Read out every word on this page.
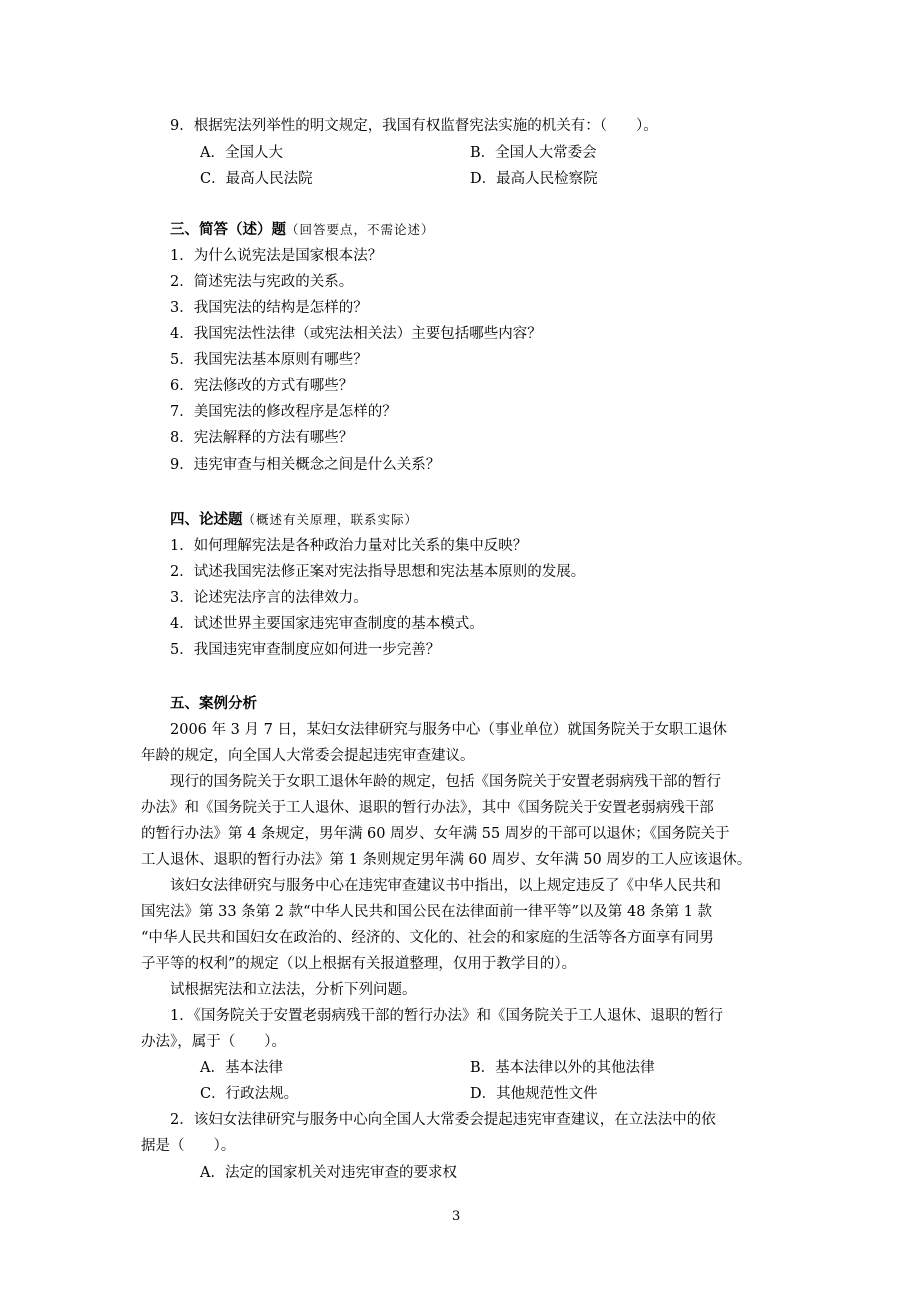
9．根据宪法列举性的明文规定，我国有权监督宪法实施的机关有：（　　）。
A．全国人大	B．全国人大常委会
C．最高人民法院	D．最高人民检察院
三、简答（述）题（回答要点，不需论述）
1．为什么说宪法是国家根本法？
2．简述宪法与宪政的关系。
3．我国宪法的结构是怎样的？
4．我国宪法性法律（或宪法相关法）主要包括哪些内容？
5．我国宪法基本原则有哪些？
6．宪法修改的方式有哪些？
7．美国宪法的修改程序是怎样的？
8．宪法解释的方法有哪些？
9．违宪审查与相关概念之间是什么关系？
四、论述题（概述有关原理，联系实际）
1．如何理解宪法是各种政治力量对比关系的集中反映？
2．试述我国宪法修正案对宪法指导思想和宪法基本原则的发展。
3．论述宪法序言的法律效力。
4．试述世界主要国家违宪审查制度的基本模式。
5．我国违宪审查制度应如何进一步完善？
五、案例分析
2006 年 3 月 7 日，某妇女法律研究与服务中心（事业单位）就国务院关于女职工退休
年龄的规定，向全国人大常委会提起违宪审查建议。
现行的国务院关于女职工退休年龄的规定，包括《国务院关于安置老弱病残干部的暂行
办法》和《国务院关于工人退休、退职的暂行办法》，其中《国务院关于安置老弱病残干部
的暂行办法》第 4 条规定，男年满 60 周岁、女年满 55 周岁的干部可以退休；《国务院关于
工人退休、退职的暂行办法》第 1 条则规定男年满 60 周岁、女年满 50 周岁的工人应该退休。
该妇女法律研究与服务中心在违宪审查建议书中指出，以上规定违反了《中华人民共和
国宪法》第 33 条第 2 款“中华人民共和国公民在法律面前一律平等”以及第 48 条第 1 款
“中华人民共和国妇女在政治的、经济的、文化的、社会的和家庭的生活等各方面享有同男
子平等的权利”的规定（以上根据有关报道整理，仅用于教学目的）。
试根据宪法和立法法，分析下列问题。
1．《国务院关于安置老弱病残干部的暂行办法》和《国务院关于工人退休、退职的暂行
办法》，属于（　　）。
A．基本法律	B．基本法律以外的其他法律
C．行政法规。	D．其他规范性文件
2．该妇女法律研究与服务中心向全国人大常委会提起违宪审查建议，在立法法中的依
据是（　　）。
A．法定的国家机关对违宪审查的要求权
3
